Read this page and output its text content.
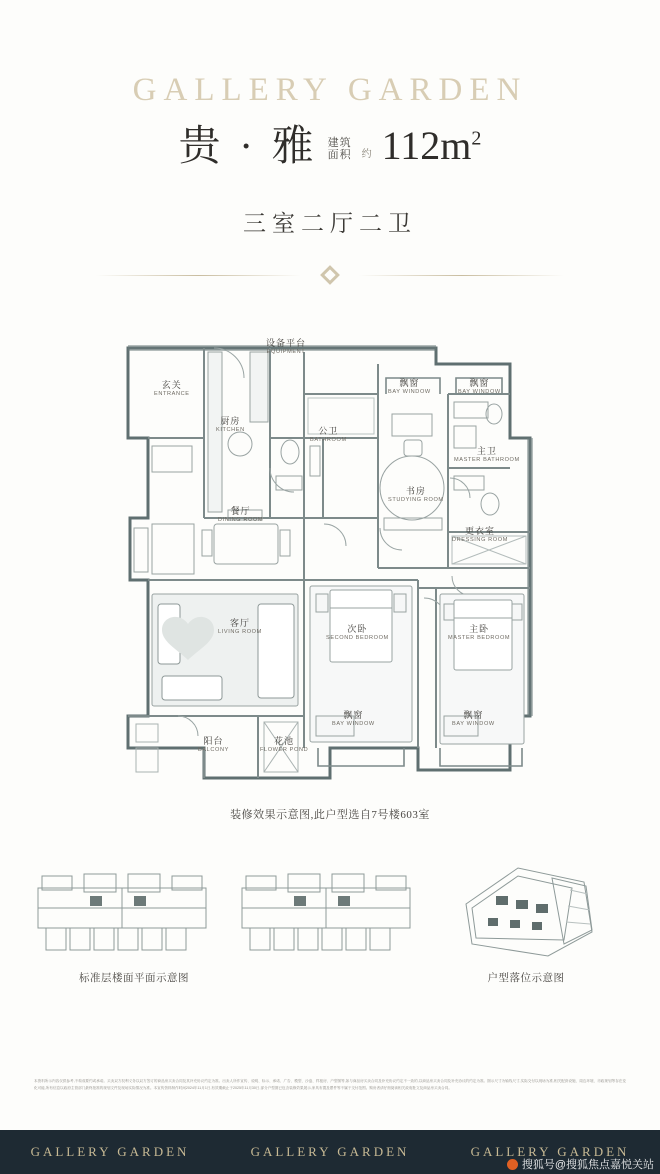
GALLERY GARDEN
贵 · 雅 建筑
面积 约 $112m^2$
三室二厅二卫
设备平台
EQUIPMENT
玄关
ENTRANCE
厨房
KITCHEN	公卫
BATHROOM
飘窗
BAY WINDOW
飘窗
BAY WINDOW
主卫
MASTER BATHROOM
书房
STUDYING ROOM
餐厅
DINING ROOM
更衣室
DRESSING ROOM
客厅
LIVING ROOM	次卧
SECOND BEDROOM
主卧
MASTER BEDROOM
飘窗
BAY WINDOW
飘窗
BAY WINDOW
阳台
BALCONY
花池
FLOWER POND
装修效果示意图,此户型选自7号楼603室
标准层楼面平面示意图	户型落位示意图
本资料所示内容仅供参考,不构成要约或承诺。买卖双方权利义务以双方签订的商品房买卖合同及其补充协议约定为准。出卖人所作宣传、说明、标示、承诺、广告、模型、沙盘、样板房、户型图等,如与商品房买卖合同及补充协议约定不一致的,以商品房买卖合同及补充协议的约定为准。图示尺寸为轴线尺寸,实际交付以现场为准,相关配套设施、周边环境、市政规划等存在变化可能,所有信息以政府主管部门最终批准的规划文件及现场实际情况为准。本宣传资料制作时间2024年11月1日,有效期截止于2025年11月30日,部分户型图已包含装修效果展示,家具布置及摆件等不属于交付范围。购房者请仔细阅读相关政府批文及商品房买卖合同。
GALLERY GARDEN	GALLERY GARDEN	GALLERY GARDEN
搜狐号@搜狐焦点嘉悦关站
